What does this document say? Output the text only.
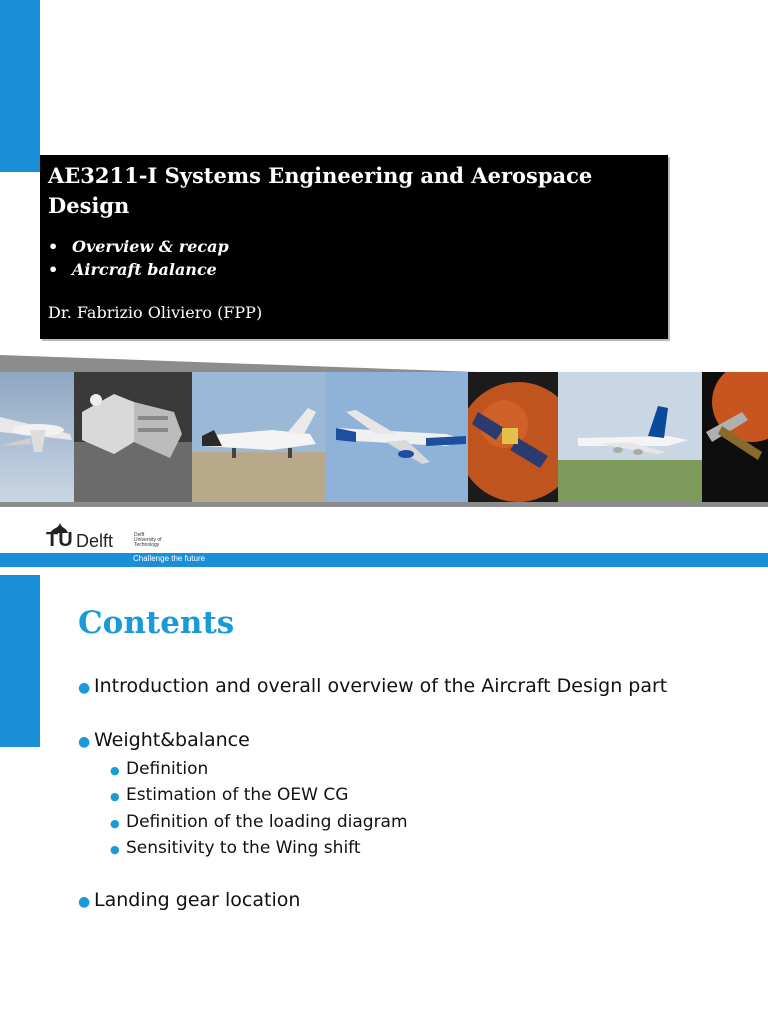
AE3211-I Systems Engineering and Aerospace Design
• Overview & recap
• Aircraft balance
Dr. Fabrizio Oliviero (FPP)
TU Delft	Delft
University of
Technology
Challenge the future
Contents
● Introduction and overall overview of the Aircraft Design part
● Weight&balance
● Definition
● Estimation of the OEW CG
● Definition of the loading diagram
● Sensitivity to the Wing shift
● Landing gear location
